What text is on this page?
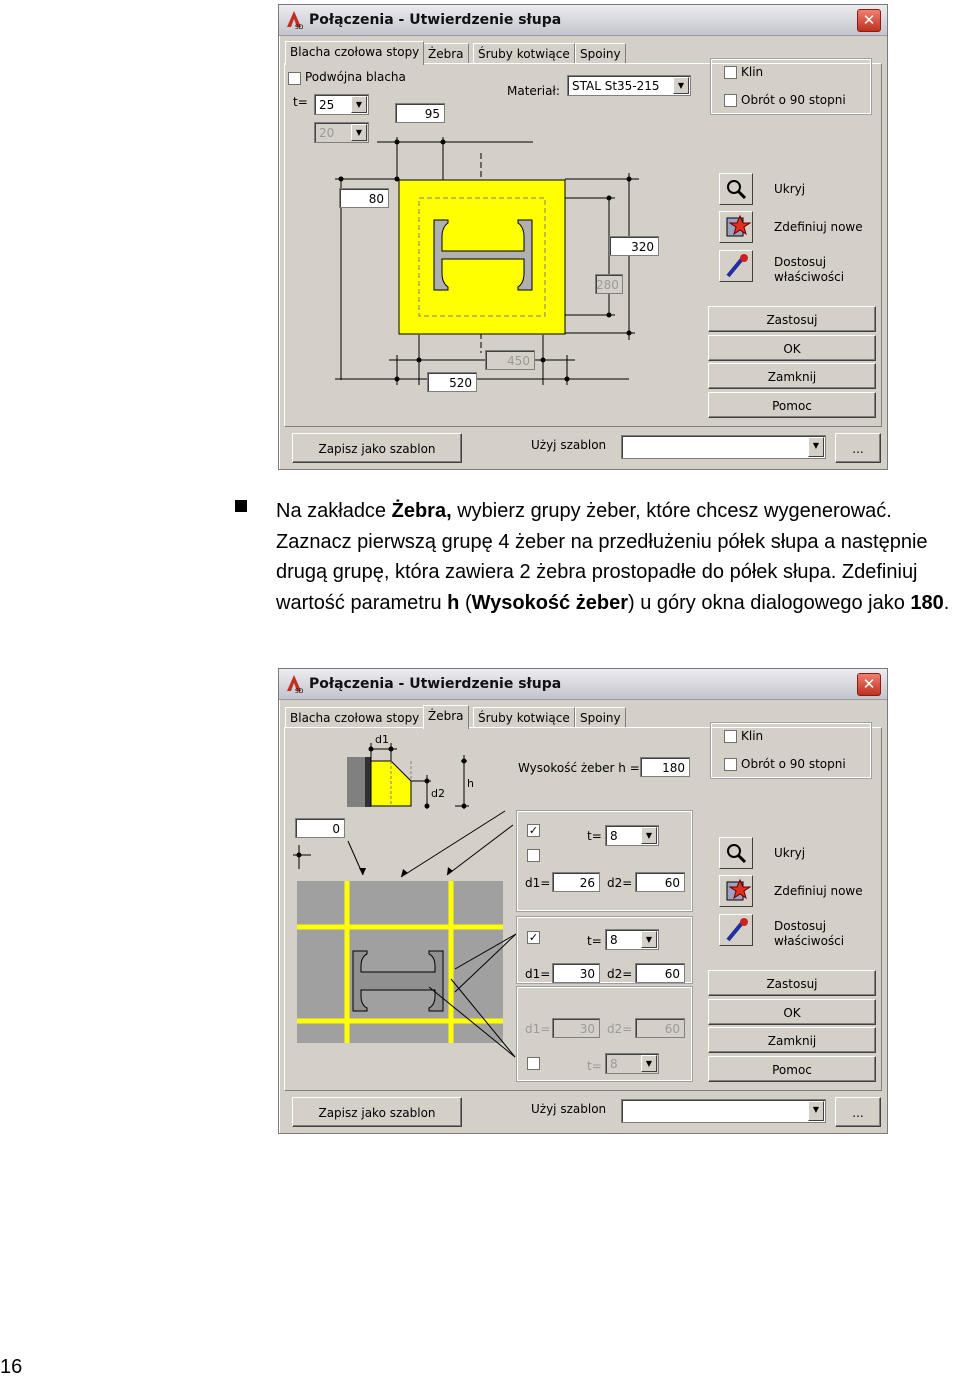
SD Połączenia - Utwierdzenie słupa	✕
Blacha czołowa stopy Żebra	Śruby kotwiące Spoiny
Podwójna blacha
t= 25	▼
20	▼
Materiał:	STAL St35-215	▼
Klin
Obrót o 90 stopni
95
80
320
280
450
520
Ukryj
Zdefiniuj nowe
Dostosuj
właściwości
Zastosuj
OK
Zamknij
Pomoc
Zapisz jako szablon	Użyj szablon	▼	...
Na zakładce Żebra, wybierz grupy żeber, które chcesz wygenerować. Zaznacz pierwszą grupę 4 żeber na przedłużeniu półek słupa a następnie drugą grupę, która zawiera 2 żebra prostopadłe do półek słupa. Zdefiniuj wartość parametru h (Wysokość żeber) u góry okna dialogowego jako 180.
SD Połączenia - Utwierdzenie słupa	✕
Blacha czołowa stopy Żebra	Śruby kotwiące Spoiny
d1
d2
h
Wysokość żeber h =	180
0
Klin
Obrót o 90 stopni
✓	t= 8	▼
d1=	26	d2=	60
✓	t= 8	▼
d1=	30	d2=	60
d1=	30	d2=	60
t= 8	▼
Ukryj
Zdefiniuj nowe
Dostosuj
właściwości
Zastosuj
OK
Zamknij
Pomoc
Zapisz jako szablon	Użyj szablon	▼	...
16
